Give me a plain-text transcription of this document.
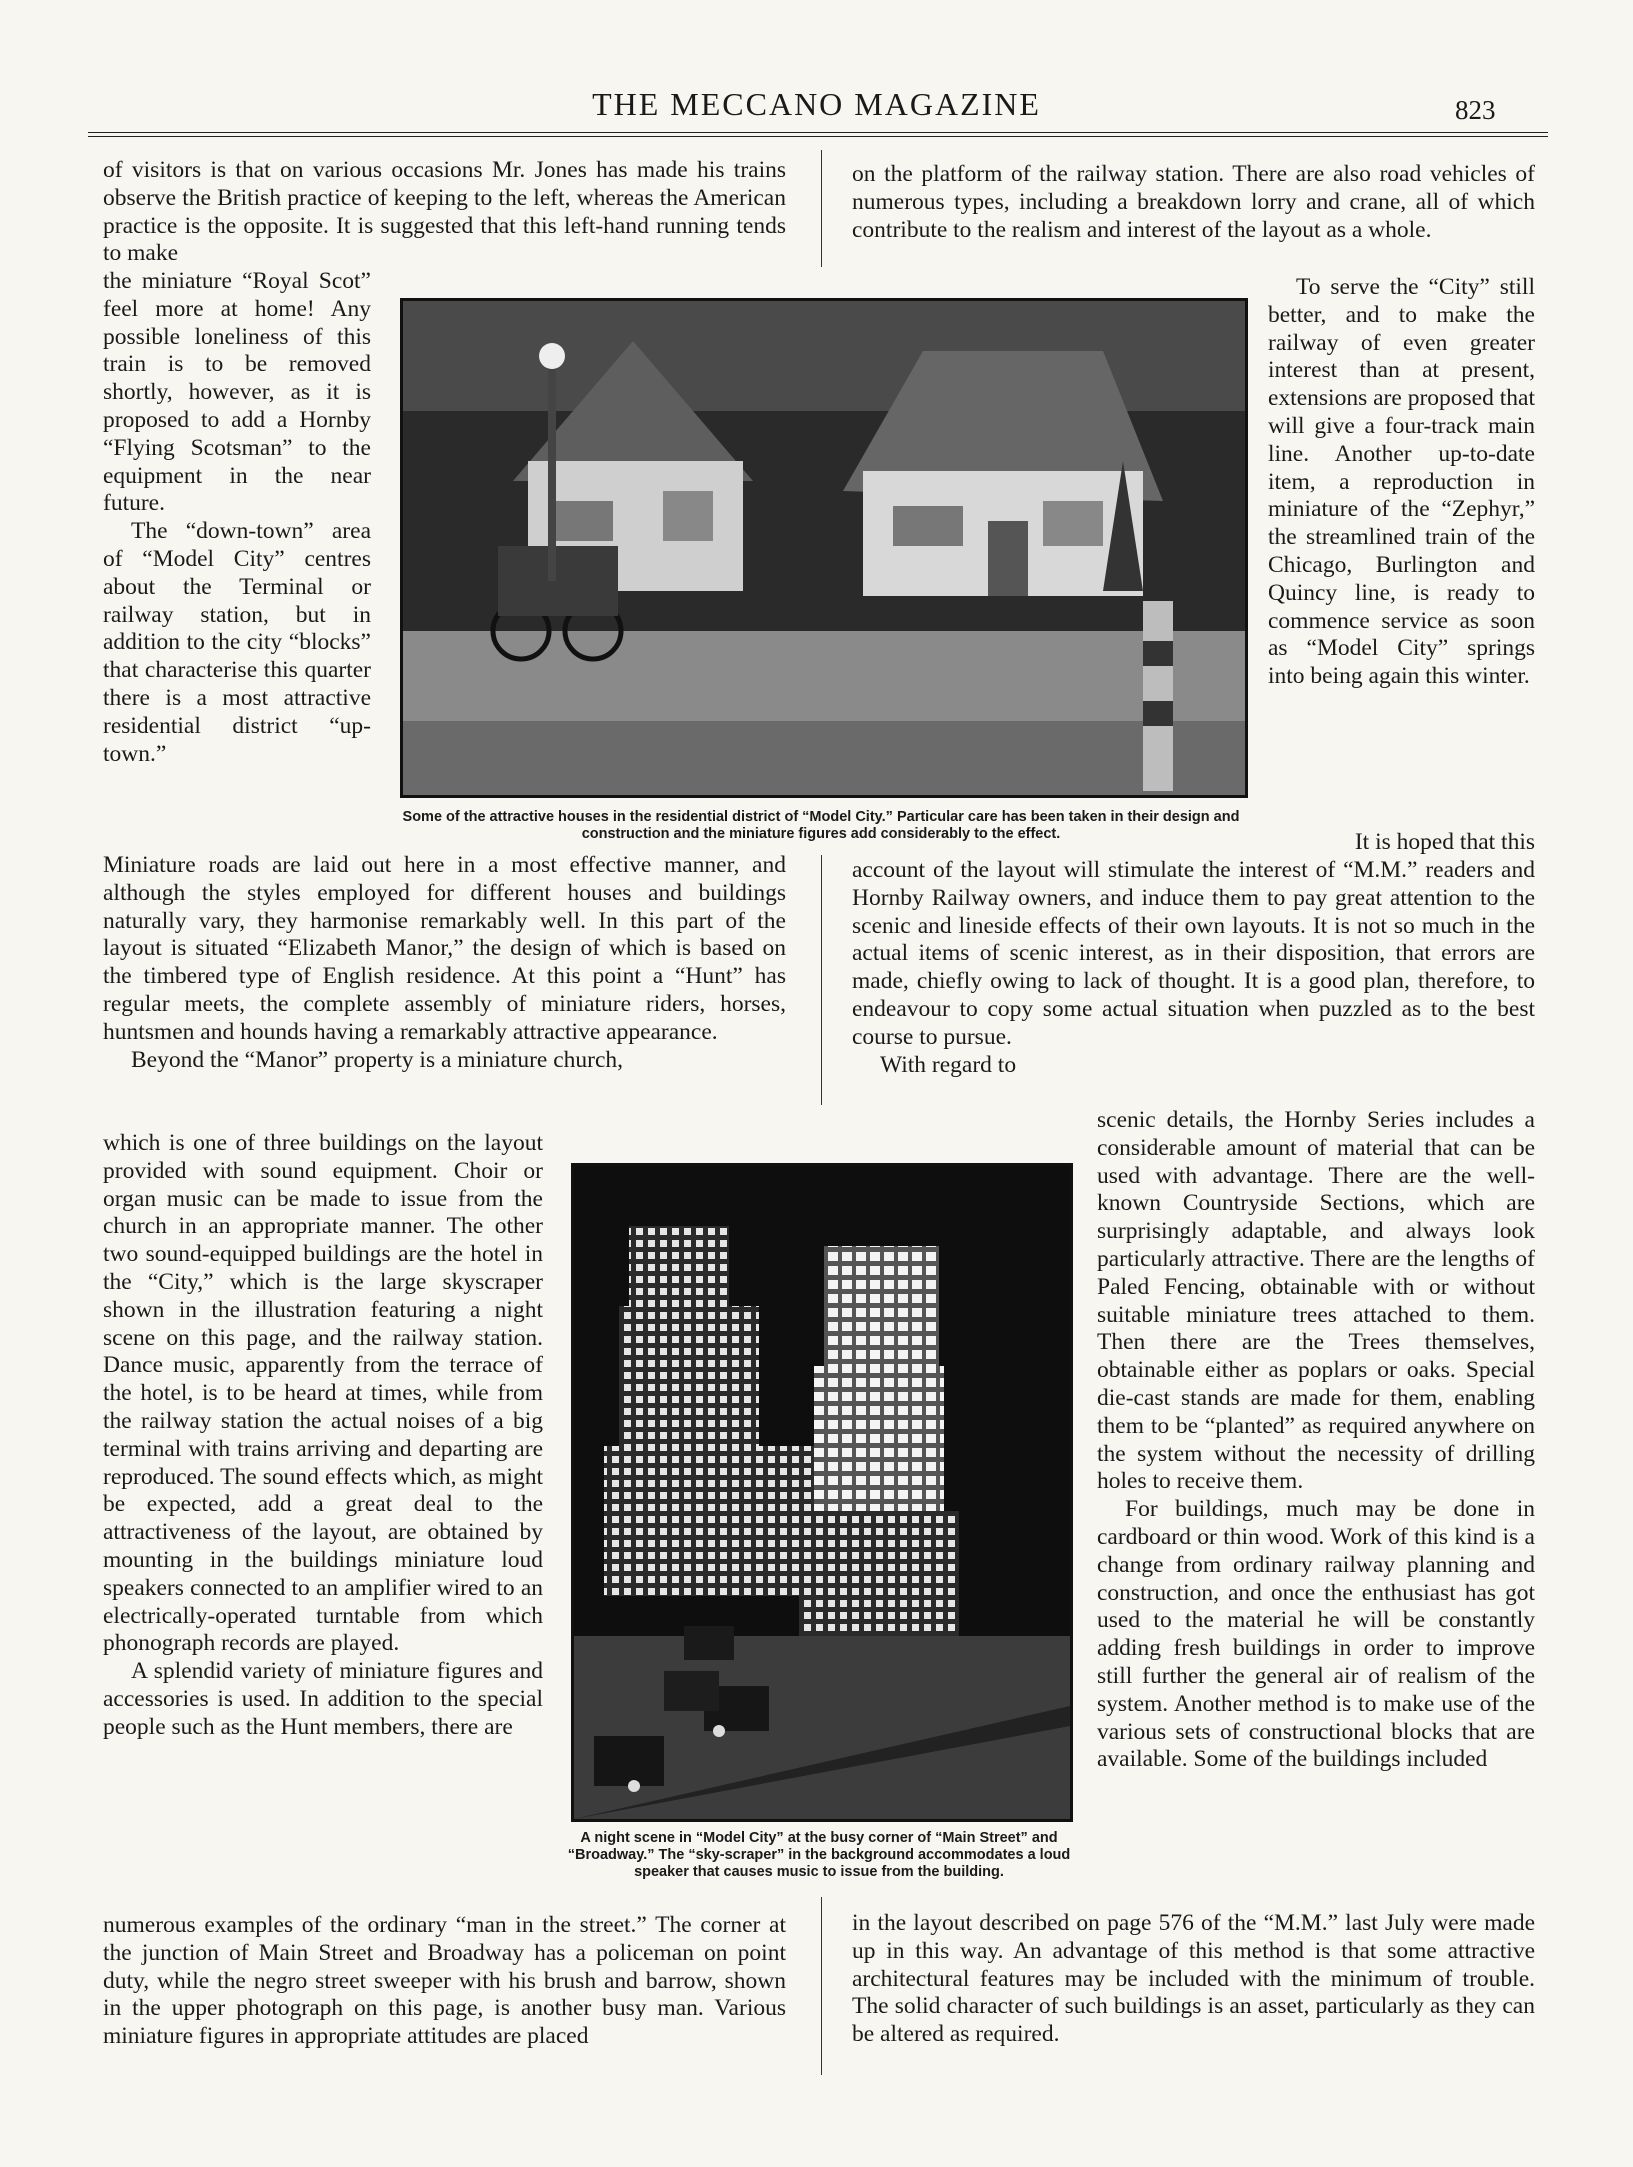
THE MECCANO MAGAZINE	823

of visitors is that on various occasions Mr. Jones has made his trains observe the British practice of keeping to the left, whereas the American practice is the opposite. It is suggested that this left-hand running tends to make

the miniature “Royal Scot” feel more at home! Any possible loneliness of this train is to be removed shortly, however, as it is proposed to add a Hornby “Flying Scotsman” to the equipment in the near future.

The “down-town” area of “Model City” centres about the Terminal or railway station, but in addition to the city “blocks” that characterise this quarter there is a most attractive residential district “up-town.”

Miniature roads are laid out here in a most effective manner, and although the styles employed for different houses and buildings naturally vary, they harmonise remarkably well. In this part of the layout is situated “Elizabeth Manor,” the design of which is based on the timbered type of English residence. At this point a “Hunt” has regular meets, the complete assembly of miniature riders, horses, huntsmen and hounds having a remarkably attractive appearance.

Beyond the “Manor” property is a miniature church,

which is one of three buildings on the layout provided with sound equipment. Choir or organ music can be made to issue from the church in an appropriate manner. The other two sound-equipped buildings are the hotel in the “City,” which is the large skyscraper shown in the illustration featuring a night scene on this page, and the railway station. Dance music, apparently from the terrace of the hotel, is to be heard at times, while from the railway station the actual noises of a big terminal with trains arriving and departing are reproduced. The sound effects which, as might be expected, add a great deal to the attractiveness of the layout, are obtained by mounting in the buildings miniature loud speakers connected to an amplifier wired to an electrically-operated turntable from which phonograph records are played.

A splendid variety of miniature figures and accessories is used. In addition to the special people such as the Hunt members, there are

numerous examples of the ordinary “man in the street.” The corner at the junction of Main Street and Broadway has a policeman on point duty, while the negro street sweeper with his brush and barrow, shown in the upper photograph on this page, is another busy man. Various miniature figures in appropriate attitudes are placed

on the platform of the railway station. There are also road vehicles of numerous types, including a breakdown lorry and crane, all of which contribute to the realism and interest of the layout as a whole.

To serve the “City” still better, and to make the railway of even greater interest than at present, extensions are proposed that will give a four-track main line. Another up-to-date item, a reproduction in miniature of the “Zephyr,” the streamlined train of the Chicago, Burlington and Quincy line, is ready to commence service as soon as “Model City” springs into being again this winter.

It is hoped that this

account of the layout will stimulate the interest of “M.M.” readers and Hornby Railway owners, and induce them to pay great attention to the scenic and lineside effects of their own layouts. It is not so much in the actual items of scenic interest, as in their disposition, that errors are made, chiefly owing to lack of thought. It is a good plan, therefore, to endeavour to copy some actual situation when puzzled as to the best course to pursue.

With regard to

scenic details, the Hornby Series includes a considerable amount of material that can be used with advantage. There are the well-known Countryside Sections, which are surprisingly adaptable, and always look particularly attractive. There are the lengths of Paled Fencing, obtainable with or without suitable miniature trees attached to them. Then there are the Trees themselves, obtainable either as poplars or oaks. Special die-cast stands are made for them, enabling them to be “planted” as required anywhere on the system without the necessity of drilling holes to receive them.

For buildings, much may be done in cardboard or thin wood. Work of this kind is a change from ordinary railway planning and construction, and once the enthusiast has got used to the material he will be constantly adding fresh buildings in order to improve still further the general air of realism of the system. Another method is to make use of the various sets of constructional blocks that are available. Some of the buildings included

in the layout described on page 576 of the “M.M.” last July were made up in this way. An advantage of this method is that some attractive architectural features may be included with the minimum of trouble. The solid character of such buildings is an asset, particularly as they can be altered as required.

Some of the attractive houses in the residential district of “Model City.” Particular care has been taken in their design and construction and the miniature figures add considerably to the effect.
A night scene in “Model City” at the busy corner of “Main Street” and “Broadway.” The “sky-scraper” in the background accommodates a loud speaker that causes music to issue from the building.
